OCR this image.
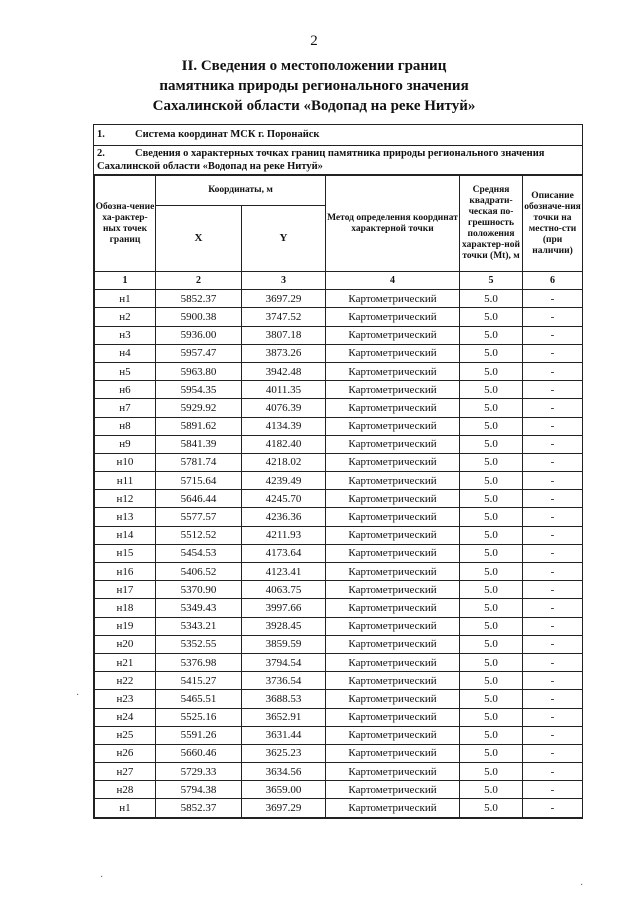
2
II. Сведения о местоположении границ
памятника природы регионального значения
Сахалинской области «Водопад на реке Нитуй»
1.	Система координат МСК г. Поронайск
2.	Сведения о характерных точках границ памятника природы регионального значения
Сахалинской области «Водопад на реке Нитуй»
Обозна-чение ха-рактер-ных точек границ	Координаты, м		Метод определения координат характерной точки	Средняя квадрати-ческая по-грешность положения характер-ной точки (Mt), м	Описание обозначе-ния точки на местно-сти (при наличии)
	X	Y			
1	2	3	4	5	6
н1	5852.37	3697.29	Картометрический	5.0	-
н2	5900.38	3747.52	Картометрический	5.0	-
н3	5936.00	3807.18	Картометрический	5.0	-
н4	5957.47	3873.26	Картометрический	5.0	-
н5	5963.80	3942.48	Картометрический	5.0	-
н6	5954.35	4011.35	Картометрический	5.0	-
н7	5929.92	4076.39	Картометрический	5.0	-
н8	5891.62	4134.39	Картометрический	5.0	-
н9	5841.39	4182.40	Картометрический	5.0	-
н10	5781.74	4218.02	Картометрический	5.0	-
н11	5715.64	4239.49	Картометрический	5.0	-
н12	5646.44	4245.70	Картометрический	5.0	-
н13	5577.57	4236.36	Картометрический	5.0	-
н14	5512.52	4211.93	Картометрический	5.0	-
н15	5454.53	4173.64	Картометрический	5.0	-
н16	5406.52	4123.41	Картометрический	5.0	-
н17	5370.90	4063.75	Картометрический	5.0	-
н18	5349.43	3997.66	Картометрический	5.0	-
н19	5343.21	3928.45	Картометрический	5.0	-
н20	5352.55	3859.59	Картометрический	5.0	-
н21	5376.98	3794.54	Картометрический	5.0	-
н22	5415.27	3736.54	Картометрический	5.0	-
н23	5465.51	3688.53	Картометрический	5.0	-
н24	5525.16	3652.91	Картометрический	5.0	-
н25	5591.26	3631.44	Картометрический	5.0	-
н26	5660.46	3625.23	Картометрический	5.0	-
н27	5729.33	3634.56	Картометрический	5.0	-
н28	5794.38	3659.00	Картометрический	5.0	-
н1	5852.37	3697.29	Картометрический	5.0	-
·
·
·
